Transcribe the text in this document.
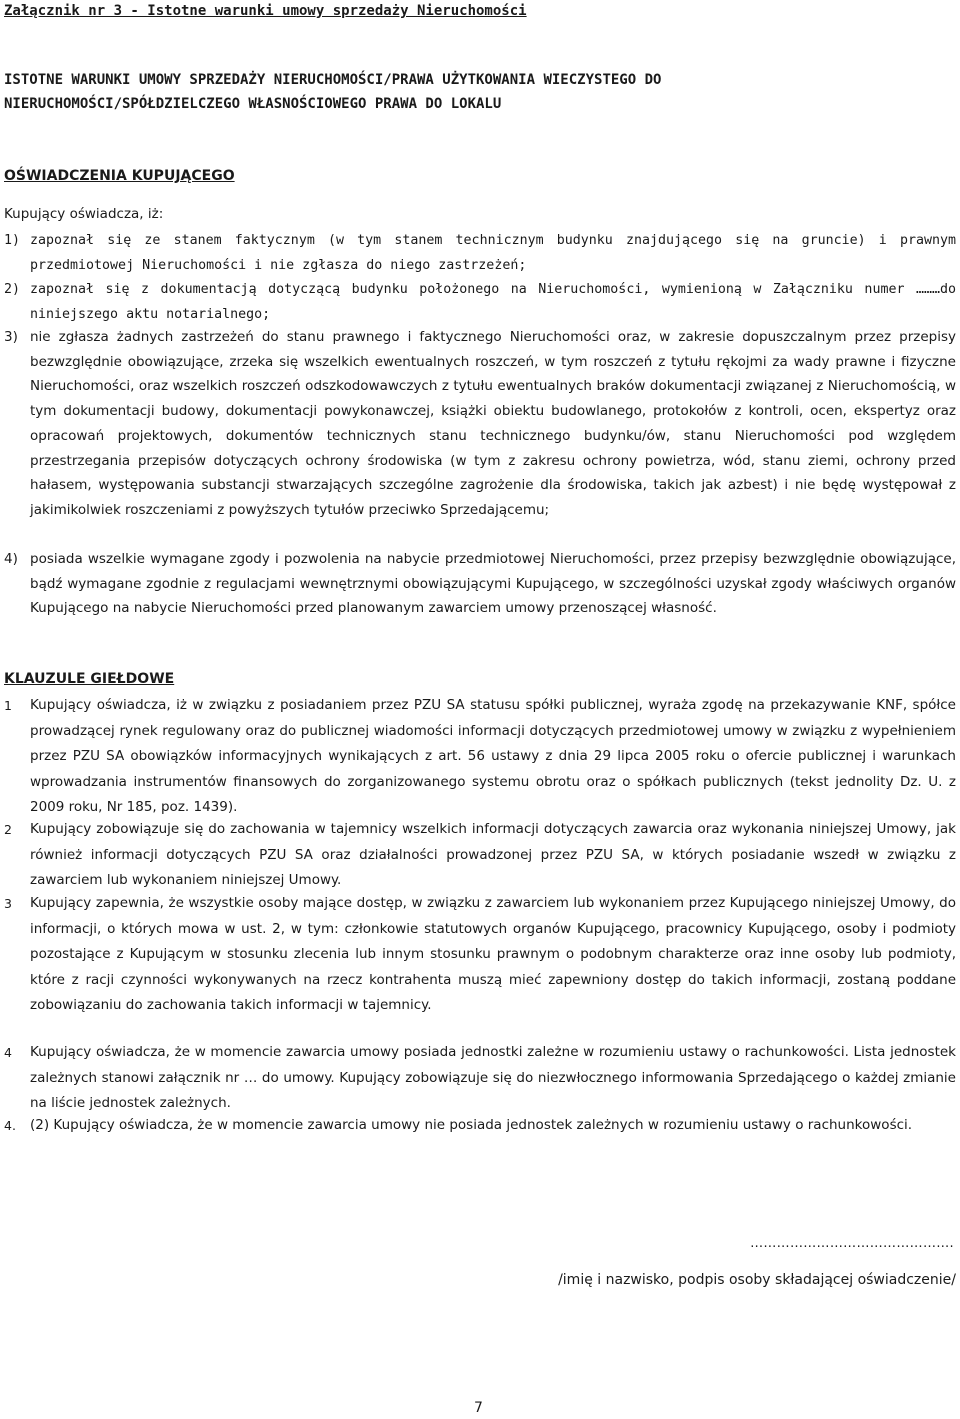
Załącznik nr 3 - Istotne warunki umowy sprzedaży Nieruchomości
ISTOTNE WARUNKI UMOWY SPRZEDAŻY NIERUCHOMOŚCI/PRAWA UŻYTKOWANIA WIECZYSTEGO DO
NIERUCHOMOŚCI/SPÓŁDZIELCZEGO WŁASNOŚCIOWEGO PRAWA DO LOKALU
OŚWIADCZENIA KUPUJĄCEGO
Kupujący oświadcza, iż:
1) zapoznał się ze stanem faktycznym (w tym stanem technicznym budynku znajdującego się na gruncie) i prawnym przedmiotowej Nieruchomości i nie zgłasza do niego zastrzeżeń;
2) zapoznał się z dokumentacją dotyczącą budynku położonego na Nieruchomości, wymienioną w Załączniku numer ………do niniejszego aktu notarialnego;
3) nie zgłasza żadnych zastrzeżeń do stanu prawnego i faktycznego Nieruchomości oraz, w zakresie dopuszczalnym przez przepisy bezwzględnie obowiązujące, zrzeka się wszelkich ewentualnych roszczeń, w tym roszczeń z tytułu rękojmi za wady prawne i fizyczne Nieruchomości, oraz wszelkich roszczeń odszkodowawczych z tytułu ewentualnych braków dokumentacji związanej z Nieruchomością, w tym dokumentacji budowy, dokumentacji powykonawczej, książki obiektu budowlanego, protokołów z kontroli, ocen, ekspertyz oraz opracowań projektowych, dokumentów technicznych stanu technicznego budynku/ów, stanu Nieruchomości pod względem przestrzegania przepisów dotyczących ochrony środowiska (w tym z zakresu ochrony powietrza, wód, stanu ziemi, ochrony przed hałasem, występowania substancji stwarzających szczególne zagrożenie dla środowiska, takich jak azbest) i nie będę występował z jakimikolwiek roszczeniami z powyższych tytułów przeciwko Sprzedającemu;
4) posiada wszelkie wymagane zgody i pozwolenia na nabycie przedmiotowej Nieruchomości, przez przepisy bezwzględnie obowiązujące, bądź wymagane zgodnie z regulacjami wewnętrznymi obowiązującymi Kupującego, w szczególności uzyskał zgody właściwych organów Kupującego na nabycie Nieruchomości przed planowanym zawarciem umowy przenoszącej własność.
KLAUZULE GIEŁDOWE
1 Kupujący oświadcza, iż w związku z posiadaniem przez PZU SA statusu spółki publicznej, wyraża zgodę na przekazywanie KNF, spółce prowadzącej rynek regulowany oraz do publicznej wiadomości informacji dotyczących przedmiotowej umowy w związku z wypełnieniem przez PZU SA obowiązków informacyjnych wynikających z art. 56 ustawy z dnia 29 lipca 2005 roku o ofercie publicznej i warunkach wprowadzania instrumentów finansowych do zorganizowanego systemu obrotu oraz o spółkach publicznych (tekst jednolity Dz. U. z 2009 roku, Nr 185, poz. 1439).
2 Kupujący zobowiązuje się do zachowania w tajemnicy wszelkich informacji dotyczących zawarcia oraz wykonania niniejszej Umowy, jak również informacji dotyczących PZU SA oraz działalności prowadzonej przez PZU SA, w których posiadanie wszedł w związku z zawarciem lub wykonaniem niniejszej Umowy.
3 Kupujący zapewnia, że wszystkie osoby mające dostęp, w związku z zawarciem lub wykonaniem przez Kupującego niniejszej Umowy, do informacji, o których mowa w ust. 2, w tym: członkowie statutowych organów Kupującego, pracownicy Kupującego, osoby i podmioty pozostające z Kupującym w stosunku zlecenia lub innym stosunku prawnym o podobnym charakterze oraz inne osoby lub podmioty, które z racji czynności wykonywanych na rzecz kontrahenta muszą mieć zapewniony dostęp do takich informacji, zostaną poddane zobowiązaniu do zachowania takich informacji w tajemnicy.
4 Kupujący oświadcza, że w momencie zawarcia umowy posiada jednostki zależne w rozumieniu ustawy o rachunkowości. Lista jednostek zależnych stanowi załącznik nr … do umowy. Kupujący zobowiązuje się do niezwłocznego informowania Sprzedającego o każdej zmianie na liście jednostek zależnych.
4. (2) Kupujący oświadcza, że w momencie zawarcia umowy nie posiada jednostek zależnych w rozumieniu ustawy o rachunkowości.
……………………………………….
/imię i nazwisko, podpis osoby składającej oświadczenie/
7
